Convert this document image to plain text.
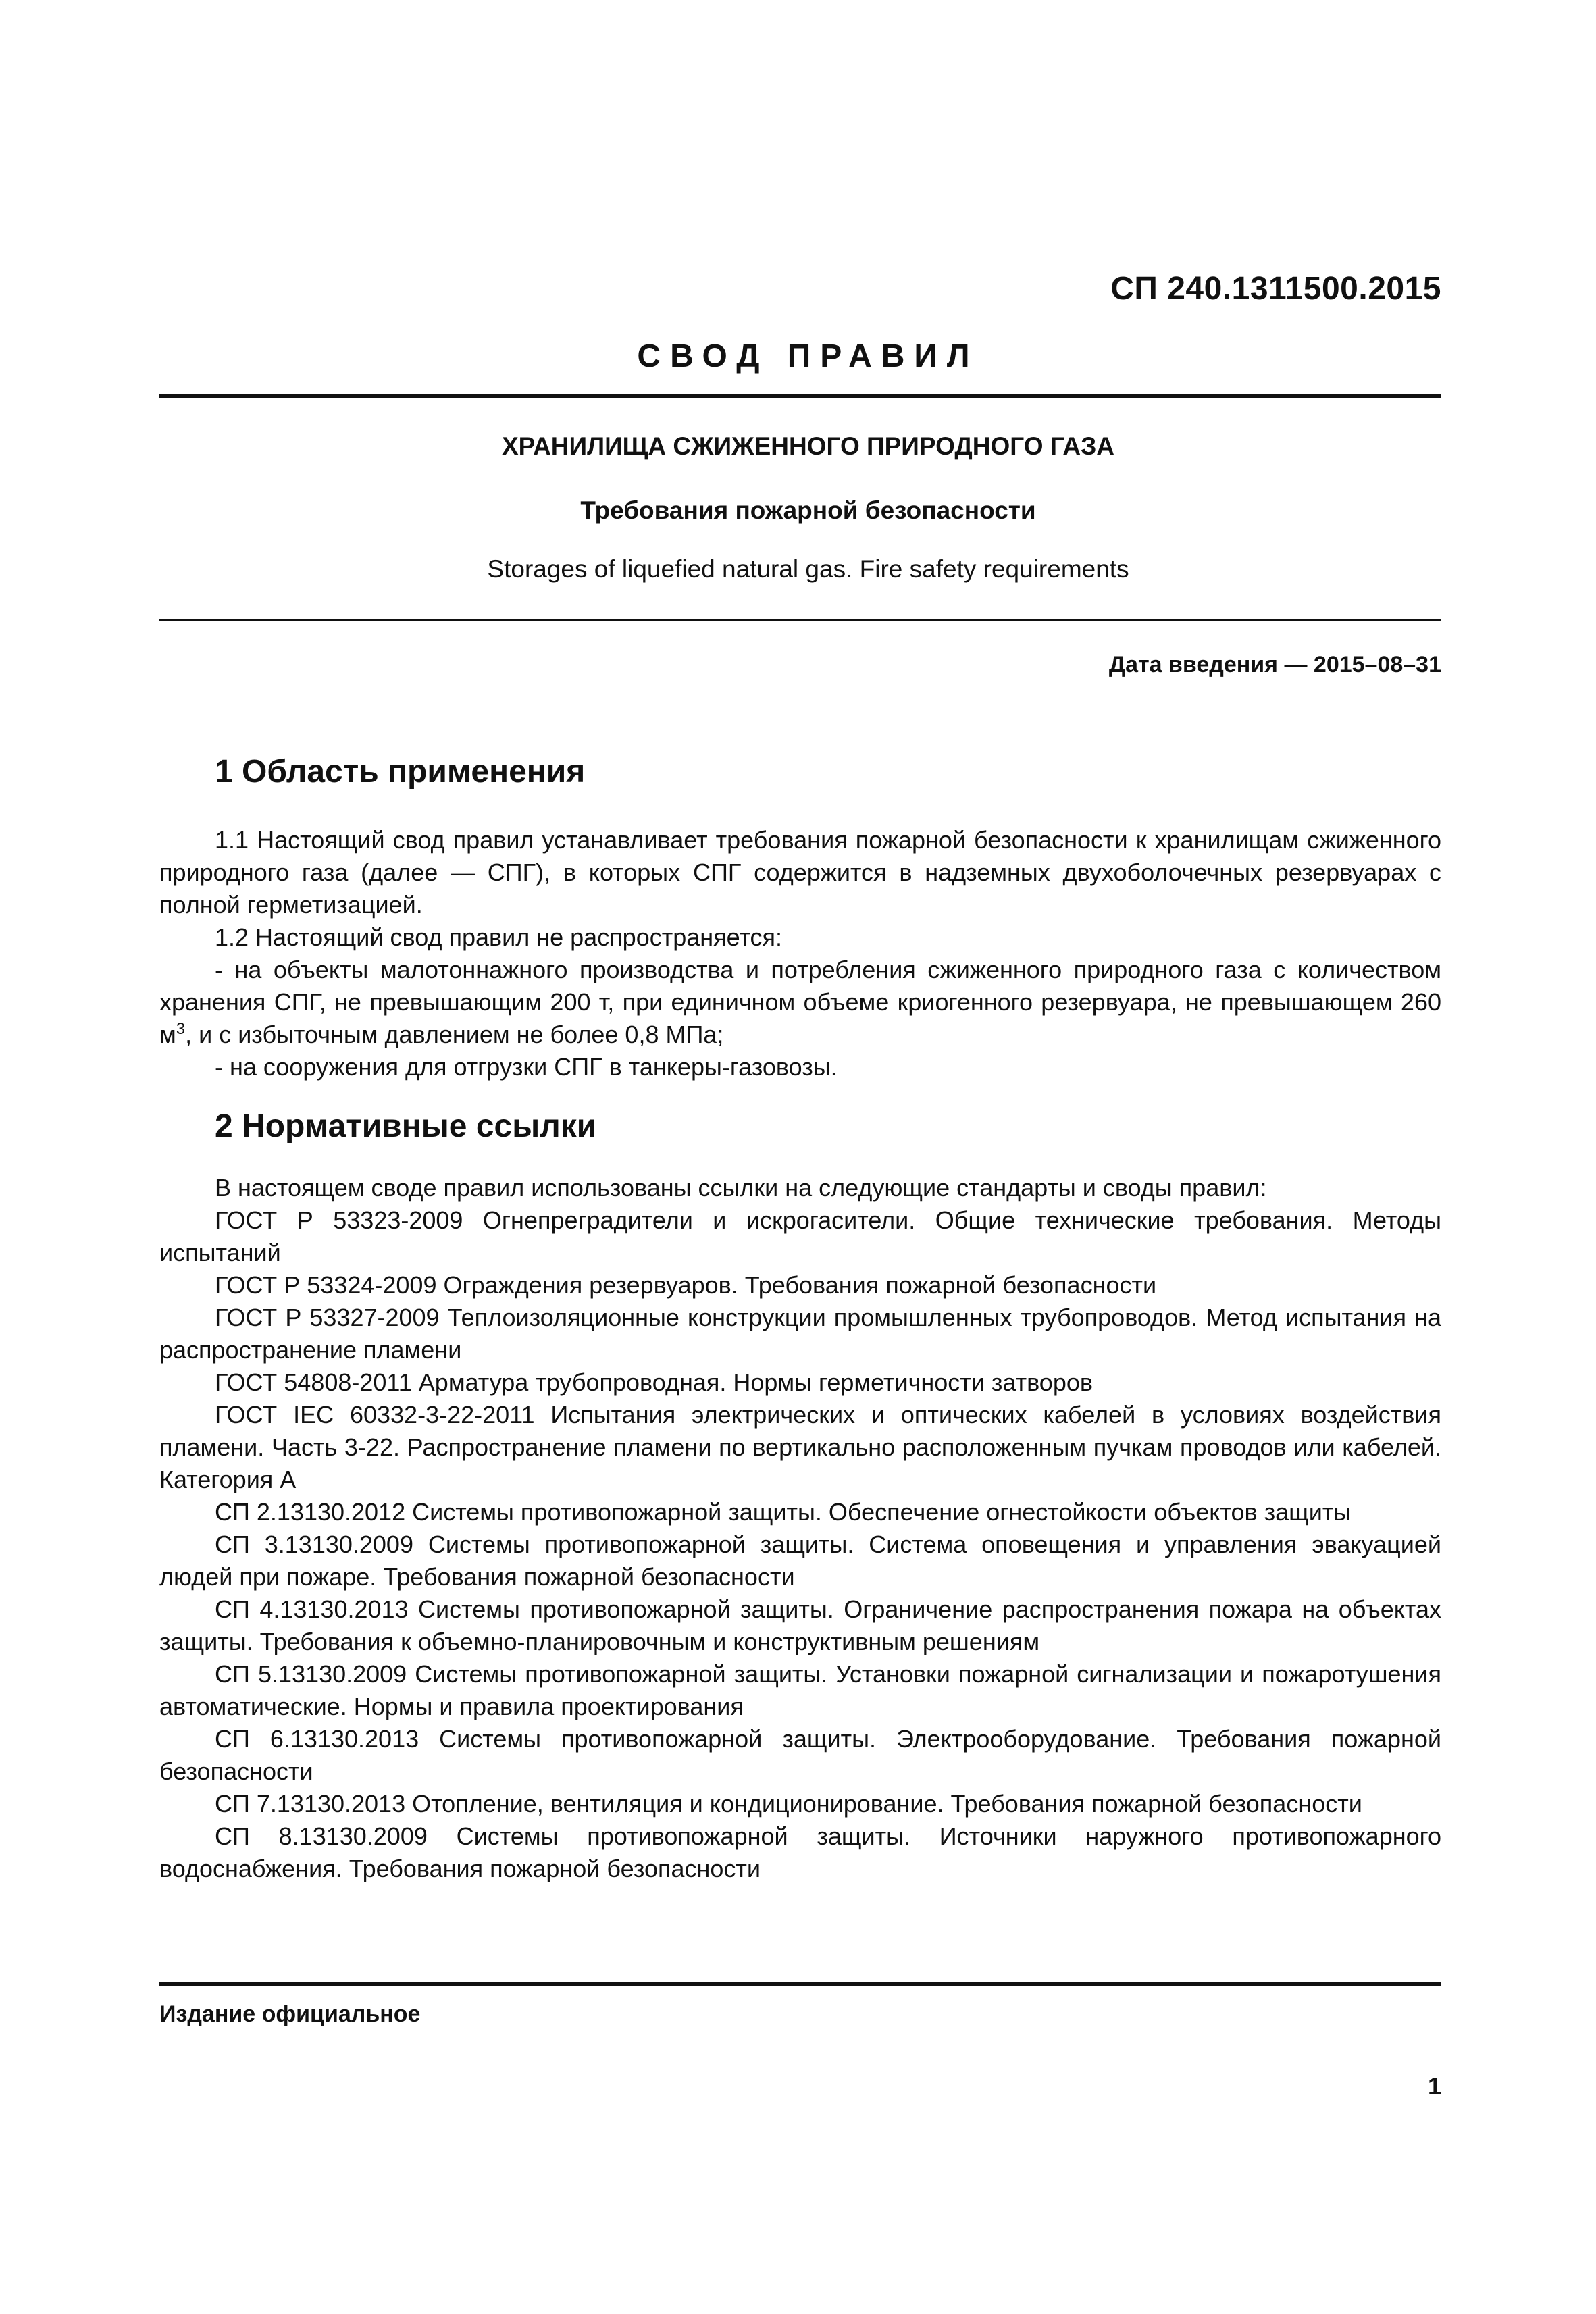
СП 240.1311500.2015
СВОД ПРАВИЛ
ХРАНИЛИЩА СЖИЖЕННОГО ПРИРОДНОГО ГАЗА
Требования пожарной безопасности
Storages of liquefied natural gas. Fire safety requirements
Дата введения — 2015–08–31
1 Область применения

1.1 Настоящий свод правил устанавливает требования пожарной безопасности к хранилищам сжиженного природного газа (далее — СПГ), в которых СПГ содержится в надземных двухоболочечных резервуарах с полной герметизацией.

1.2 Настоящий свод правил не распространяется:

- на объекты малотоннажного производства и потребления сжиженного природного газа с количеством хранения СПГ, не превышающим 200 т, при единичном объеме криогенного резервуара, не превышающем 260 $м^3$, и с избыточным давлением не более 0,8 МПа;

- на сооружения для отгрузки СПГ в танкеры-газовозы.

2 Нормативные ссылки

В настоящем своде правил использованы ссылки на следующие стандарты и своды правил:

ГОСТ Р 53323-2009 Огнепреградители и искрогасители. Общие технические требования. Методы испытаний

ГОСТ Р 53324-2009 Ограждения резервуаров. Требования пожарной безопасности

ГОСТ Р 53327-2009 Теплоизоляционные конструкции промышленных трубопроводов. Метод испытания на распространение пламени

ГОСТ 54808-2011 Арматура трубопроводная. Нормы герметичности затворов

ГОСТ IEC 60332-3-22-2011 Испытания электрических и оптических кабелей в условиях воздействия пламени. Часть 3-22. Распространение пламени по вертикально расположенным пучкам проводов или кабелей. Категория А

СП 2.13130.2012 Системы противопожарной защиты. Обеспечение огнестойкости объектов защиты

СП 3.13130.2009 Системы противопожарной защиты. Система оповещения и управления эвакуацией людей при пожаре. Требования пожарной безопасности

СП 4.13130.2013 Системы противопожарной защиты. Ограничение распространения пожара на объектах защиты. Требования к объемно-планировочным и конструктивным решениям

СП 5.13130.2009 Системы противопожарной защиты. Установки пожарной сигнализации и пожаротушения автоматические. Нормы и правила проектирования

СП 6.13130.2013 Системы противопожарной защиты. Электрооборудование. Требования пожарной безопасности

СП 7.13130.2013 Отопление, вентиляция и кондиционирование. Требования пожарной безопасности

СП 8.13130.2009 Системы противопожарной защиты. Источники наружного противопожарного водоснабжения. Требования пожарной безопасности

Издание официальное
1
